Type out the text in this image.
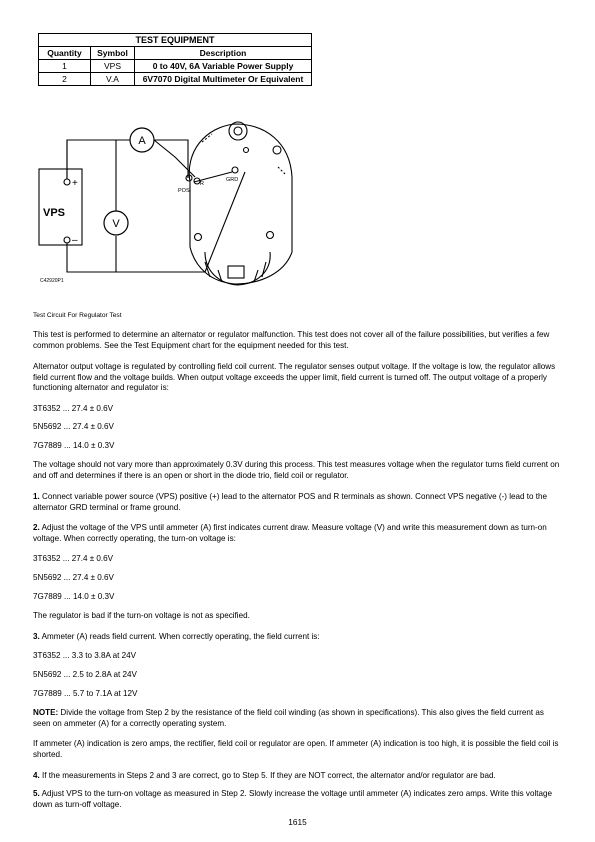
TEST EQUIPMENT		
Quantity	Symbol	Description
1	VPS	0 to 40V, 6A Variable Power Supply
2	V.A	6V7070 Digital Multimeter Or Equivalent
A
V
+
–
VPS
POS
R
GRD
C42920P1
Test Circuit For Regulator Test

This test is performed to determine an alternator or regulator malfunction. This test does not cover all of the failure possibilities, but verifies a few common problems. See the Test Equipment chart for the equipment needed for this test.

Alternator output voltage is regulated by controlling field coil current. The regulator senses output voltage. If the voltage is low, the regulator allows field current flow and the voltage builds. When output voltage exceeds the upper limit, field current is turned off. The output voltage of a properly functioning alternator and regulator is:

3T6352 ... 27.4 ± 0.6V
5N5692 ... 27.4 ± 0.6V
7G7889 ... 14.0 ± 0.3V

The voltage should not vary more than approximately 0.3V during this process. This test measures voltage when the regulator turns field current on and off and determines if there is an open or short in the diode trio, field coil or regulator.

1. Connect variable power source (VPS) positive (+) lead to the alternator POS and R terminals as shown. Connect VPS negative (-) lead to the alternator GRD terminal or frame ground.

2. Adjust the voltage of the VPS until ammeter (A) first indicates current draw. Measure voltage (V) and write this measurement down as turn-on voltage. When correctly operating, the turn-on voltage is:

3T6352 ... 27.4 ± 0.6V
5N5692 ... 27.4 ± 0.6V
7G7889 ... 14.0 ± 0.3V
The regulator is bad if the turn-on voltage is not as specified.

3. Ammeter (A) reads field current. When correctly operating, the field current is:

3T6352 ... 3.3 to 3.8A at 24V
5N5692 ... 2.5 to 2.8A at 24V
7G7889 ... 5.7 to 7.1A at 12V

NOTE: Divide the voltage from Step 2 by the resistance of the field coil winding (as shown in specifications). This also gives the field current as seen on ammeter (A) for a correctly operating system.

If ammeter (A) indication is zero amps, the rectifier, field coil or regulator are open. If ammeter (A) indication is too high, it is possible the field coil is shorted.

4. If the measurements in Steps 2 and 3 are correct, go to Step 5. If they are NOT correct, the alternator and/or regulator are bad.

5. Adjust VPS to the turn-on voltage as measured in Step 2. Slowly increase the voltage until ammeter (A) indicates zero amps. Write this voltage down as turn-off voltage.

1615
